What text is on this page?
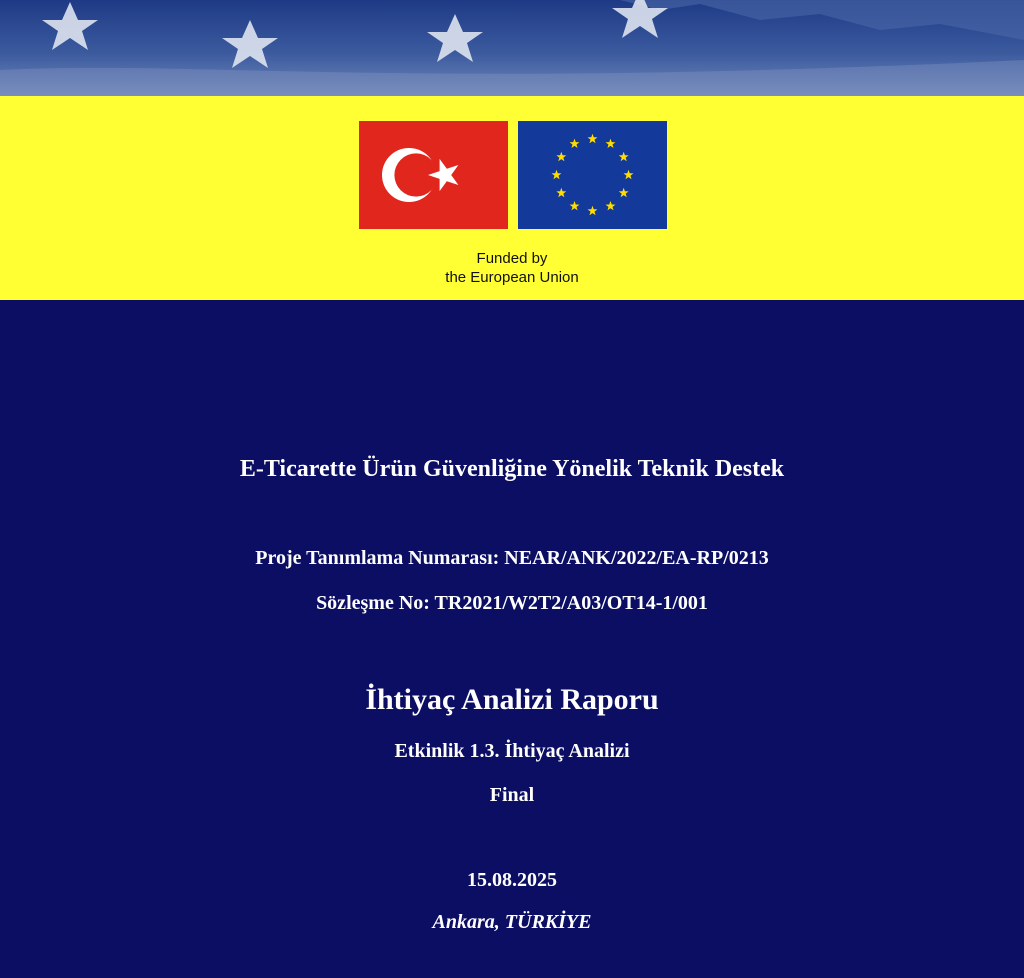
Funded by
the European Union
E-Ticarette Ürün Güvenliğine Yönelik Teknik Destek
Proje Tanımlama Numarası: NEAR/ANK/2022/EA-RP/0213
Sözleşme No: TR2021/W2T2/A03/OT14-1/001
İhtiyaç Analizi Raporu
Etkinlik 1.3. İhtiyaç Analizi
Final
15.08.2025
Ankara, TÜRKİYE
